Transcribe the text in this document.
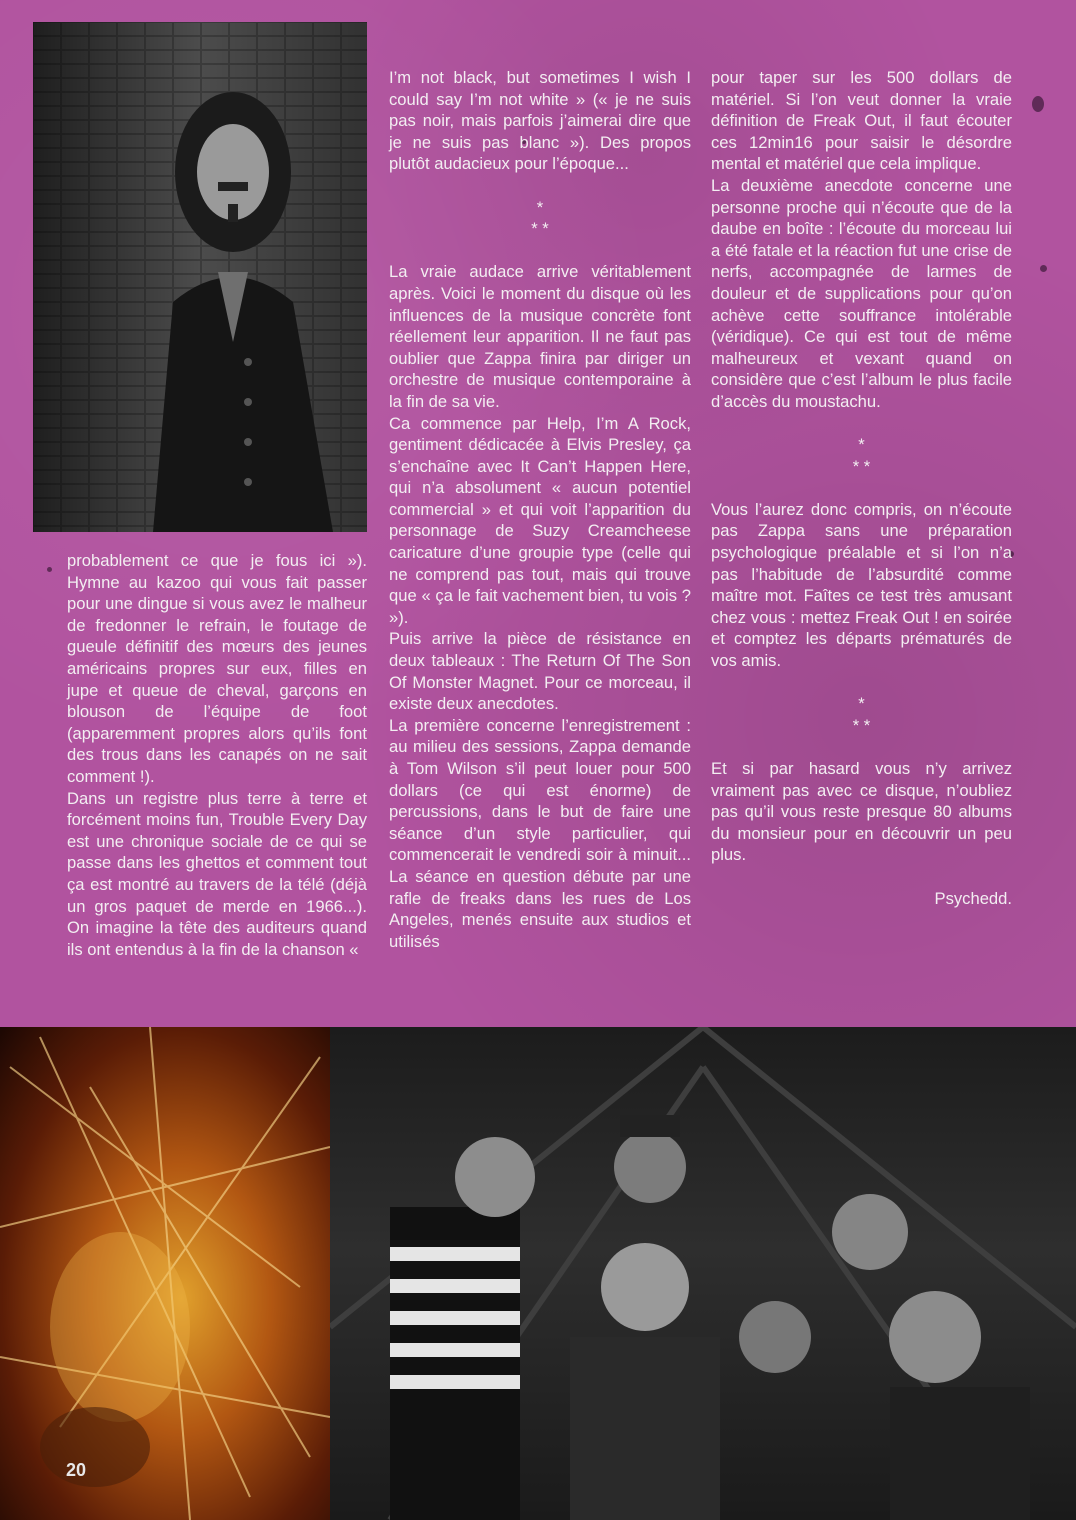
probablement ce que je fous ici »). Hymne au kazoo qui vous fait passer pour une dingue si vous avez le malheur de fredonner le refrain, le foutage de gueule définitif des mœurs des jeunes américains propres sur eux, filles en jupe et queue de cheval, garçons en blouson de l’équipe de foot (apparemment propres alors qu’ils font des trous dans les canapés on ne sait comment !).

Dans un registre plus terre à terre et forcément moins fun, Trouble Every Day est une chronique sociale de ce qui se passe dans les ghettos et comment tout ça est montré au travers de la télé (déjà un gros paquet de merde en 1966...). On imagine la tête des auditeurs quand ils ont entendus à la fin de la chanson «

I’m not black, but sometimes I wish I could say I’m not white » (« je ne suis pas noir, mais parfois j’aimerai dire que je ne suis pas blanc »). Des propos plutôt audacieux pour l’époque...

*

* *

La vraie audace arrive véritablement après. Voici le moment du disque où les influences de la musique concrète font réellement leur apparition. Il ne faut pas oublier que Zappa finira par diriger un orchestre de musique contemporaine à la fin de sa vie.

Ca commence par Help, I’m A Rock, gentiment dédicacée à Elvis Presley, ça s’enchaîne avec It Can’t Happen Here, qui n’a absolument « aucun potentiel commercial » et qui voit l’apparition du personnage de Suzy Creamcheese caricature d’une groupie type (celle qui ne comprend pas tout, mais qui trouve que « ça le fait vachement bien, tu vois ? »).

Puis arrive la pièce de résistance en deux tableaux : The Return Of The Son Of Monster Magnet. Pour ce morceau, il existe deux anecdotes.

La première concerne l’enregistrement : au milieu des sessions, Zappa demande à Tom Wilson s’il peut louer pour 500 dollars (ce qui est énorme) de percussions, dans le but de faire une séance d’un style particulier, qui commencerait le vendredi soir à minuit... La séance en question débute par une rafle de freaks dans les rues de Los Angeles, menés ensuite aux studios et utilisés

pour taper sur les 500 dollars de matériel. Si l’on veut donner la vraie définition de Freak Out, il faut écouter ces 12min16 pour saisir le désordre mental et matériel que cela implique.

La deuxième anecdote concerne une personne proche qui n’écoute que de la daube en boîte : l’écoute du morceau lui a été fatale et la réaction fut une crise de nerfs, accompagnée de larmes de douleur et de supplications pour qu’on achève cette souffrance intolérable (véridique). Ce qui est tout de même malheureux et vexant quand on considère que c’est l’album le plus facile d’accès du moustachu.

*

* *

Vous l’aurez donc compris, on n’écoute pas Zappa sans une préparation psychologique préalable et si l’on n’a pas l’habitude de l’absurdité comme maître mot. Faîtes ce test très amusant chez vous : mettez Freak Out ! en soirée et comptez les départs prématurés de vos amis.

*

* *

Et si par hasard vous n’y arrivez vraiment pas avec ce disque, n’oubliez pas qu’il vous reste presque 80 albums du monsieur pour en découvrir un peu plus.

Psychedd.

20
